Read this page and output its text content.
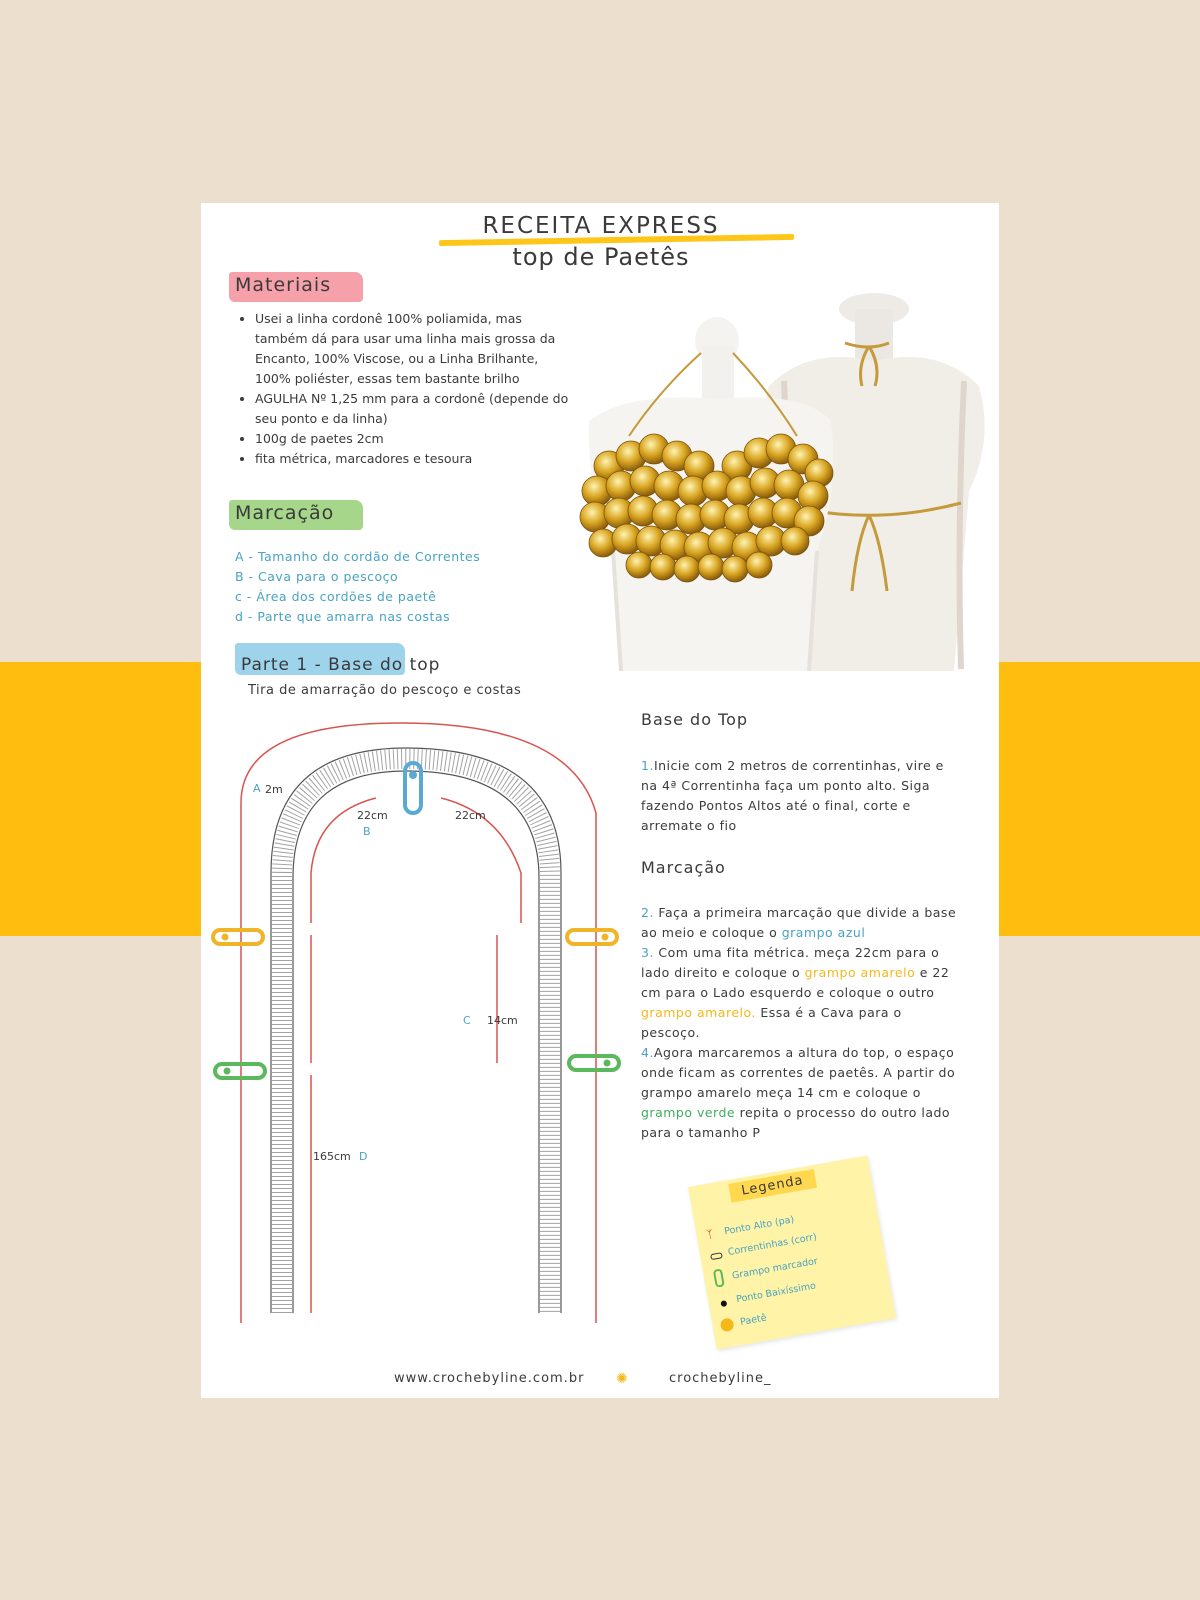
RECEITA EXPRESS
top de Paetês
Materiais
• Usei a linha cordonê 100% poliamida, mas também dá para usar uma linha mais grossa da Encanto, 100% Viscose, ou a Linha Brilhante, 100% poliéster, essas tem bastante brilho
• AGULHA Nº 1,25 mm para a cordonê (depende do seu ponto e da linha)
• 100g de paetes 2cm
• fita métrica, marcadores e tesoura
Marcação
A - Tamanho do cordão de Correntes
B - Cava para o pescoço
c - Área dos cordões de paetê
d - Parte que amarra nas costas
Parte 1 - Base do top
Tira de amarração do pescoço e costas
A 2m
22cm	22cm
B
C 14cm
165cm D
Base do Top
1.Inicie com 2 metros de correntinhas, vire e na 4ª Correntinha faça um ponto alto. Siga fazendo Pontos Altos até o final, corte e arremate o fio
Marcação
2. Faça a primeira marcação que divide a base ao meio e coloque o grampo azul
3. Com uma fita métrica. meça 22cm para o lado direito e coloque o grampo amarelo e 22 cm para o Lado esquerdo e coloque o outro grampo amarelo. Essa é a Cava para o pescoço.
4.Agora marcaremos a altura do top, o espaço onde ficam as correntes de paetês. A partir do grampo amarelo meça 14 cm e coloque o grampo verde repita o processo do outro lado para o tamanho P
Legenda
ᛉ Ponto Alto (pa)
Correntinhas (corr)
Grampo marcador
Ponto Baixíssimo
Paetê
www.crochebyline.com.br ✺	crochebyline_
